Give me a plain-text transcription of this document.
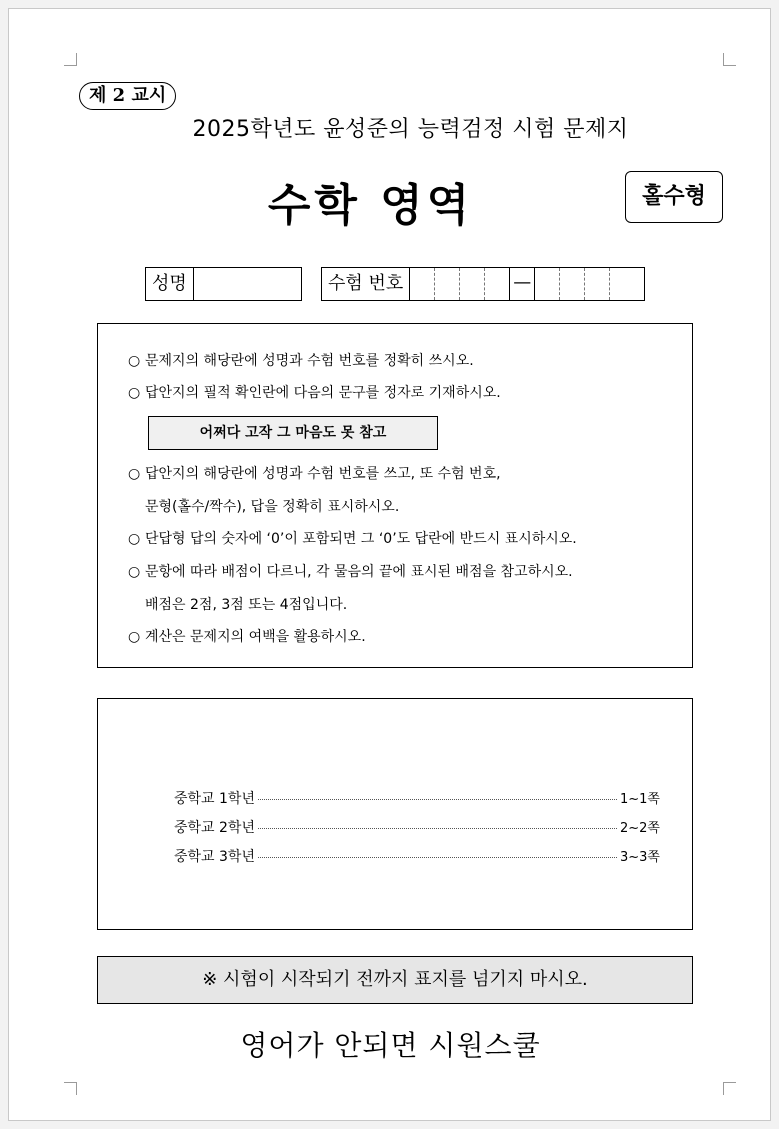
제 2 교시
2025학년도 윤성준의 능력검정 시험 문제지
수학 영역	홀수형
성명	수험 번호	—
○ 문제지의 해당란에 성명과 수험 번호를 정확히 쓰시오.
○ 답안지의 필적 확인란에 다음의 문구를 정자로 기재하시오.
어쩌다 고작 그 마음도 못 참고
○ 답안지의 해당란에 성명과 수험 번호를 쓰고, 또 수험 번호,
문형(홀수/짝수), 답을 정확히 표시하시오.
○ 단답형 답의 숫자에 ‘0’이 포함되면 그 ‘0’도 답란에 반드시 표시하시오.
○ 문항에 따라 배점이 다르니, 각 물음의 끝에 표시된 배점을 참고하시오.
배점은 2점, 3점 또는 4점입니다.
○ 계산은 문제지의 여백을 활용하시오.
중학교 1학년	1~1쪽
중학교 2학년	2~2쪽
중학교 3학년	3~3쪽
※ 시험이 시작되기 전까지 표지를 넘기지 마시오.
영어가 안되면 시원스쿨
